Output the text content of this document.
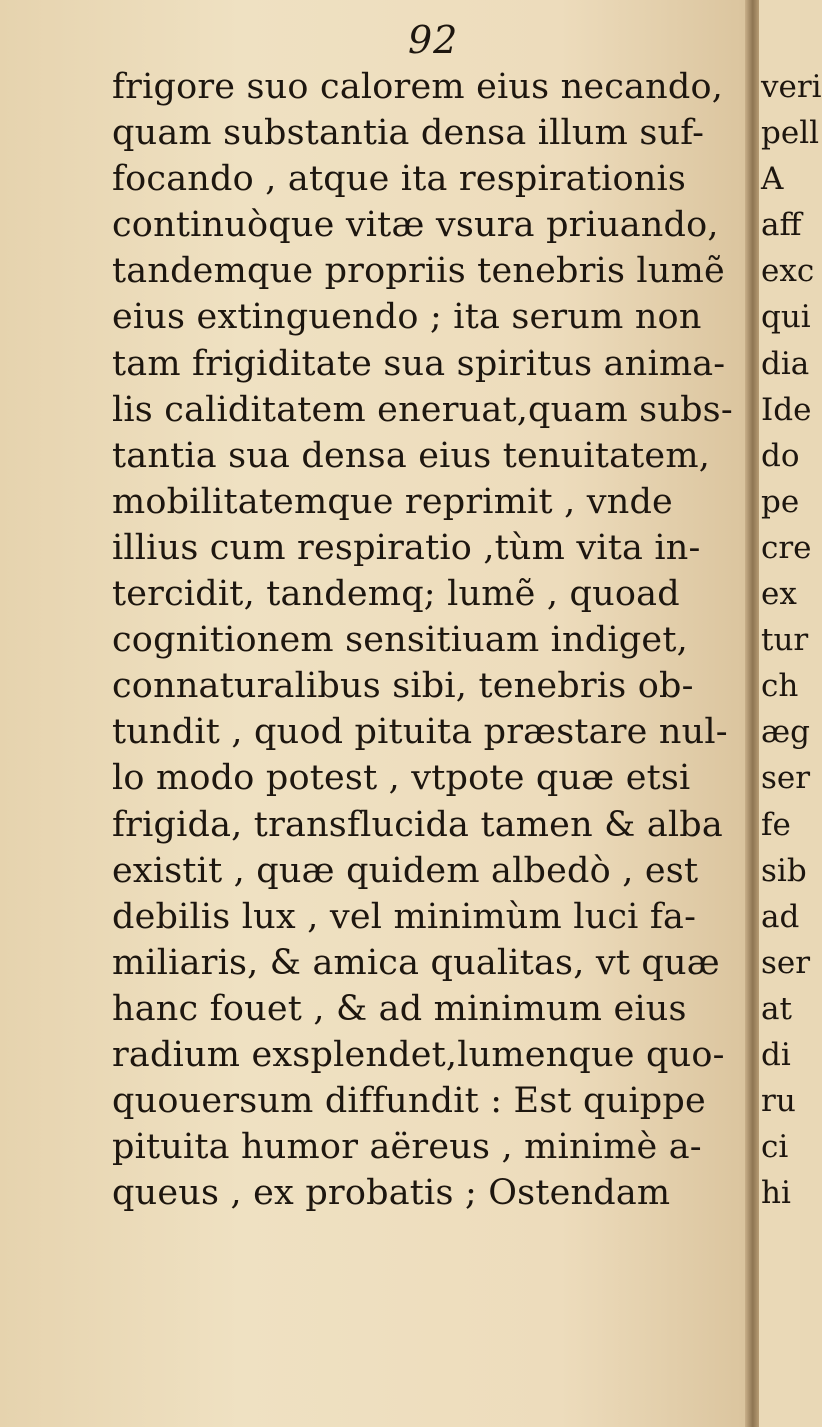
92
frigore suo calorem eius necando,
quam substantia densa illum suf-
focando , atque ita respirationis
continuòque vitæ vsura priuando,
tandemque propriis tenebris lumẽ
eius extinguendo ; ita serum non
tam frigiditate sua spiritus anima-
lis caliditatem eneruat,quam subs-
tantia sua densa eius tenuitatem,
mobilitatemque reprimit , vnde
illius cum respiratio ,tùm vita in-
tercidit, tandemq; lumẽ , quoad
cognitionem sensitiuam indiget,
connaturalibus sibi, tenebris ob-
tundit , quod pituita præstare nul-
lo modo potest , vtpote quæ etsi
frigida, transflucida tamen & alba
existit , quæ quidem albedò , est
debilis lux , vel minimùm luci fa-
miliaris, & amica qualitas, vt quæ
hanc fouet , & ad minimum eius
radium exsplendet,lumenque quo-
quouersum diffundit : Est quippe
pituita humor aëreus , minimè a-
queus , ex probatis ; Ostendam
veri
pell
A
aff
exc
qui
dia
Ide
do
pe
cre
ex
tur
ch
æg
ser
fe
sib
ad
ser
at
di
ru
ci
hi
